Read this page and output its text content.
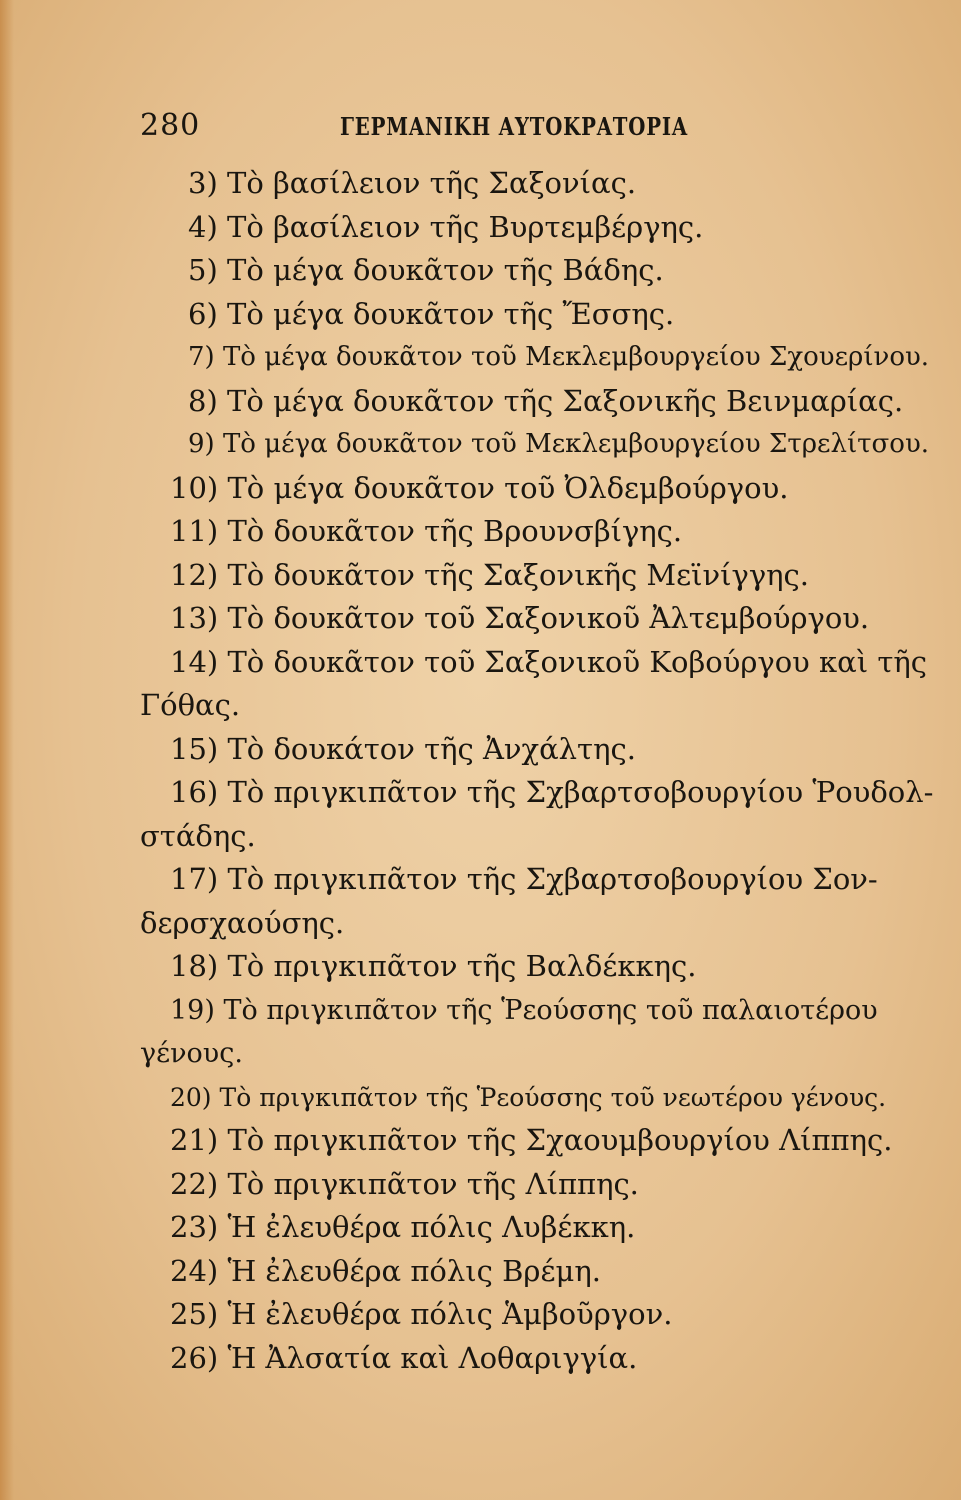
280	ΓΕΡΜΑΝΙΚΗ ΑΥΤΟΚΡΑΤΟΡΙΑ
3) Τὸ βασίλειον τῆς Σαξονίας.
4) Τὸ βασίλειον τῆς Βυρτεμβέργης.
5) Τὸ μέγα δουκᾶτον τῆς Βάδης.
6) Τὸ μέγα δουκᾶτον τῆς Ἔσσης.
7) Τὸ μέγα δουκᾶτον τοῦ Μεκλεμβουργείου Σχουερίνου.
8) Τὸ μέγα δουκᾶτον τῆς Σαξονικῆς Βεινμαρίας.
9) Τὸ μέγα δουκᾶτον τοῦ Μεκλεμβουργείου Στρελίτσου.
10) Τὸ μέγα δουκᾶτον τοῦ Ὀλδεμβούργου.
11) Τὸ δουκᾶτον τῆς Βρουνσβίγης.
12) Τὸ δουκᾶτον τῆς Σαξονικῆς Μεϊνίγγης.
13) Τὸ δουκᾶτον τοῦ Σαξονικοῦ Ἀλτεμβούργου.
14) Τὸ δουκᾶτον τοῦ Σαξονικοῦ Κοβούργου καὶ τῆς
Γόθας.
15) Τὸ δουκάτον τῆς Ἀνχάλτης.
16) Τὸ πριγκιπᾶτον τῆς Σχβαρτσοβουργίου Ῥουδολ-
στάδης.
17) Τὸ πριγκιπᾶτον τῆς Σχβαρτσοβουργίου Σον-
δερσχαούσης.
18) Τὸ πριγκιπᾶτον τῆς Βαλδέκκης.
19) Τὸ πριγκιπᾶτον τῆς Ῥεούσσης τοῦ παλαιοτέρου
γένους.
20) Τὸ πριγκιπᾶτον τῆς Ῥεούσσης τοῦ νεωτέρου γένους.
21) Τὸ πριγκιπᾶτον τῆς Σχαουμβουργίου Λίππης.
22) Τὸ πριγκιπᾶτον τῆς Λίππης.
23) Ἡ ἐλευθέρα πόλις Λυβέκκη.
24) Ἡ ἐλευθέρα πόλις Βρέμη.
25) Ἡ ἐλευθέρα πόλις Ἁμβοῦργον.
26) Ἡ Ἀλσατία καὶ Λοθαριγγία.
